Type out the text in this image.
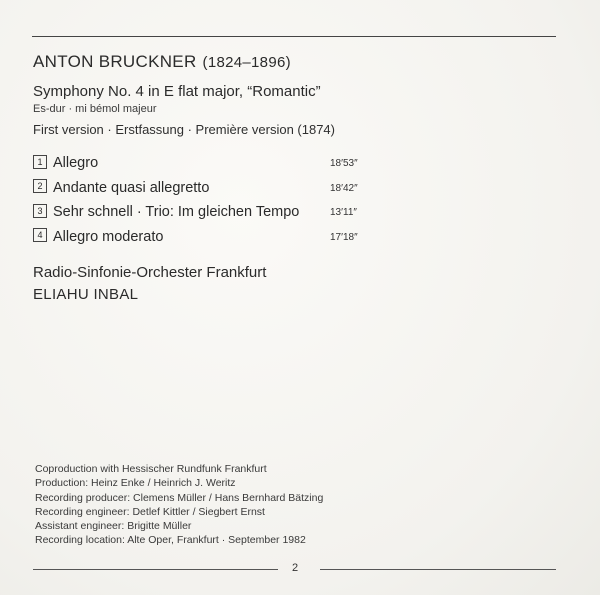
ANTON BRUCKNER (1824–1896)
Symphony No. 4 in E flat major, “Romantic”
Es-dur · mi bémol majeur
First version · Erstfassung · Première version (1874)
1 Allegro	18′53″
2 Andante quasi allegretto	18′42″
3 Sehr schnell · Trio: Im gleichen Tempo	13′11″
4 Allegro moderato	17′18″
Radio-Sinfonie-Orchester Frankfurt
ELIAHU INBAL
Coproduction with Hessischer Rundfunk Frankfurt
Production: Heinz Enke / Heinrich J. Weritz
Recording producer: Clemens Müller / Hans Bernhard Bätzing
Recording engineer: Detlef Kittler / Siegbert Ernst
Assistant engineer: Brigitte Müller
Recording location: Alte Oper, Frankfurt · September 1982
2
